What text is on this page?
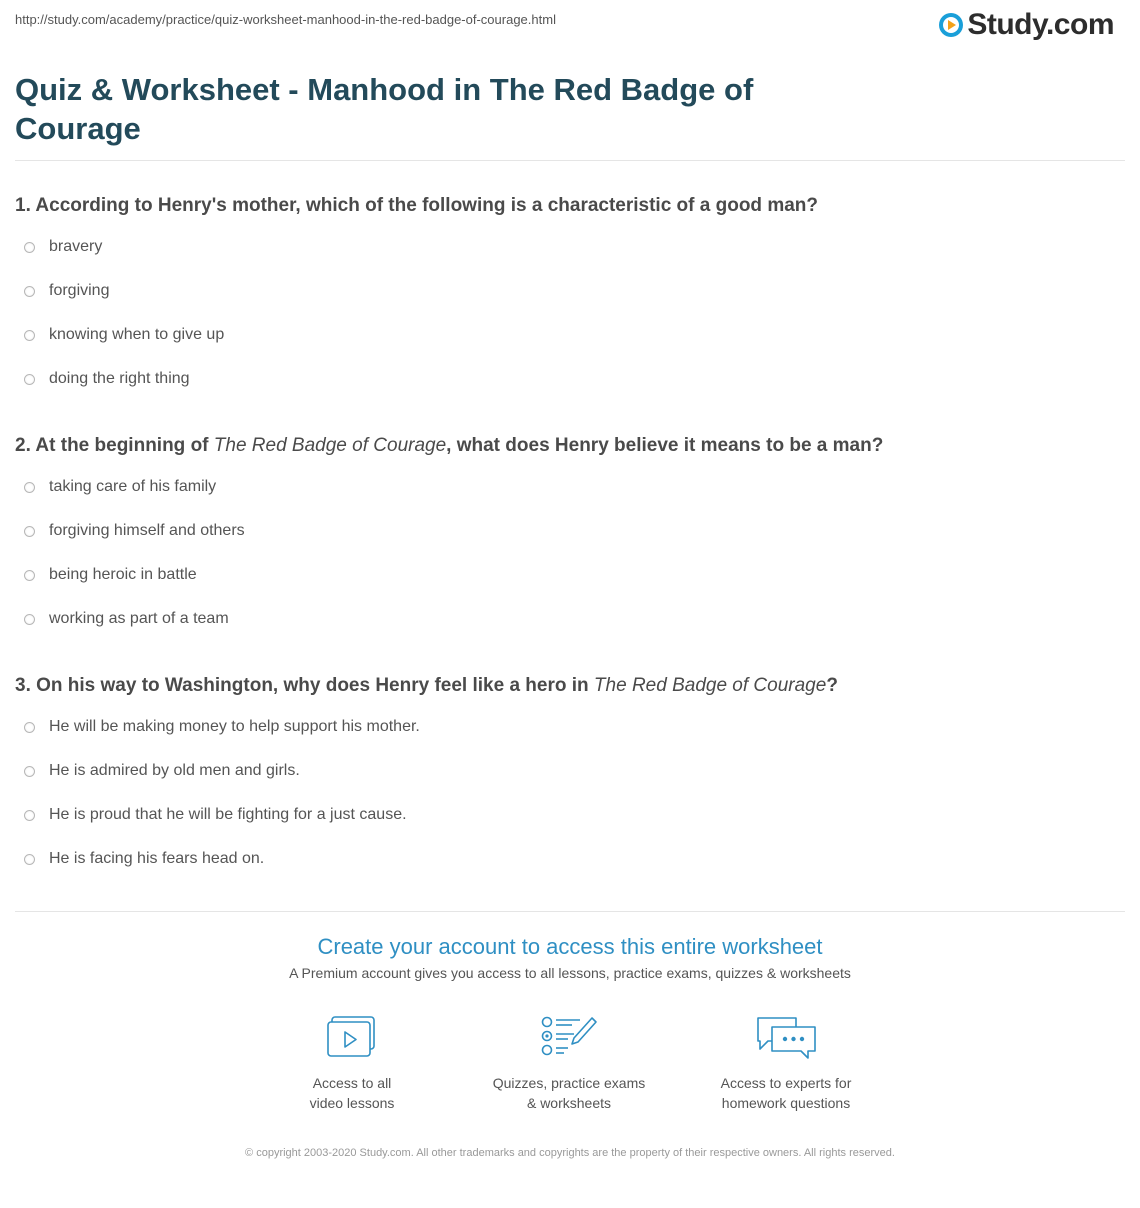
http://study.com/academy/practice/quiz-worksheet-manhood-in-the-red-badge-of-courage.html	Study.com
Quiz & Worksheet - Manhood in The Red Badge of Courage
1. According to Henry's mother, which of the following is a characteristic of a good man?
bravery
forgiving
knowing when to give up
doing the right thing
2. At the beginning of The Red Badge of Courage, what does Henry believe it means to be a man?
taking care of his family
forgiving himself and others
being heroic in battle
working as part of a team
3. On his way to Washington, why does Henry feel like a hero in The Red Badge of Courage?
He will be making money to help support his mother.
He is admired by old men and girls.
He is proud that he will be fighting for a just cause.
He is facing his fears head on.
Create your account to access this entire worksheet
A Premium account gives you access to all lessons, practice exams, quizzes & worksheets
Access to all
video lessons
Quizzes, practice exams
& worksheets
Access to experts for
homework questions
© copyright 2003-2020 Study.com. All other trademarks and copyrights are the property of their respective owners. All rights reserved.
